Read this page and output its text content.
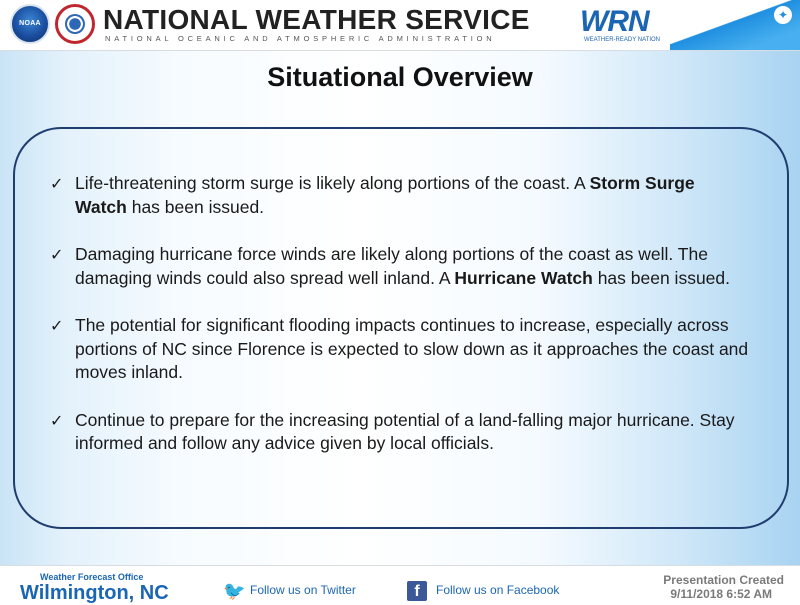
NOAA NATIONAL WEATHER SERVICE
NATIONAL OCEANIC AND ATMOSPHERIC ADMINISTRATION
WRN
WEATHER-READY NATION
✦
Situational Overview
✓ Life-threatening storm surge is likely along portions of the coast. A Storm Surge Watch has been issued.
✓ Damaging hurricane force winds are likely along portions of the coast as well. The damaging winds could also spread well inland. A Hurricane Watch has been issued.
✓ The potential for significant flooding impacts continues to increase, especially across portions of NC since Florence is expected to slow down as it approaches the coast and moves inland.
✓ Continue to prepare for the increasing potential of a land-falling major hurricane. Stay informed and follow any advice given by local officials.
Weather Forecast Office
Wilmington, NC	🐦 Follow us on Twitter	f	Follow us on Facebook
Presentation Created
9/11/2018 6:52 AM
